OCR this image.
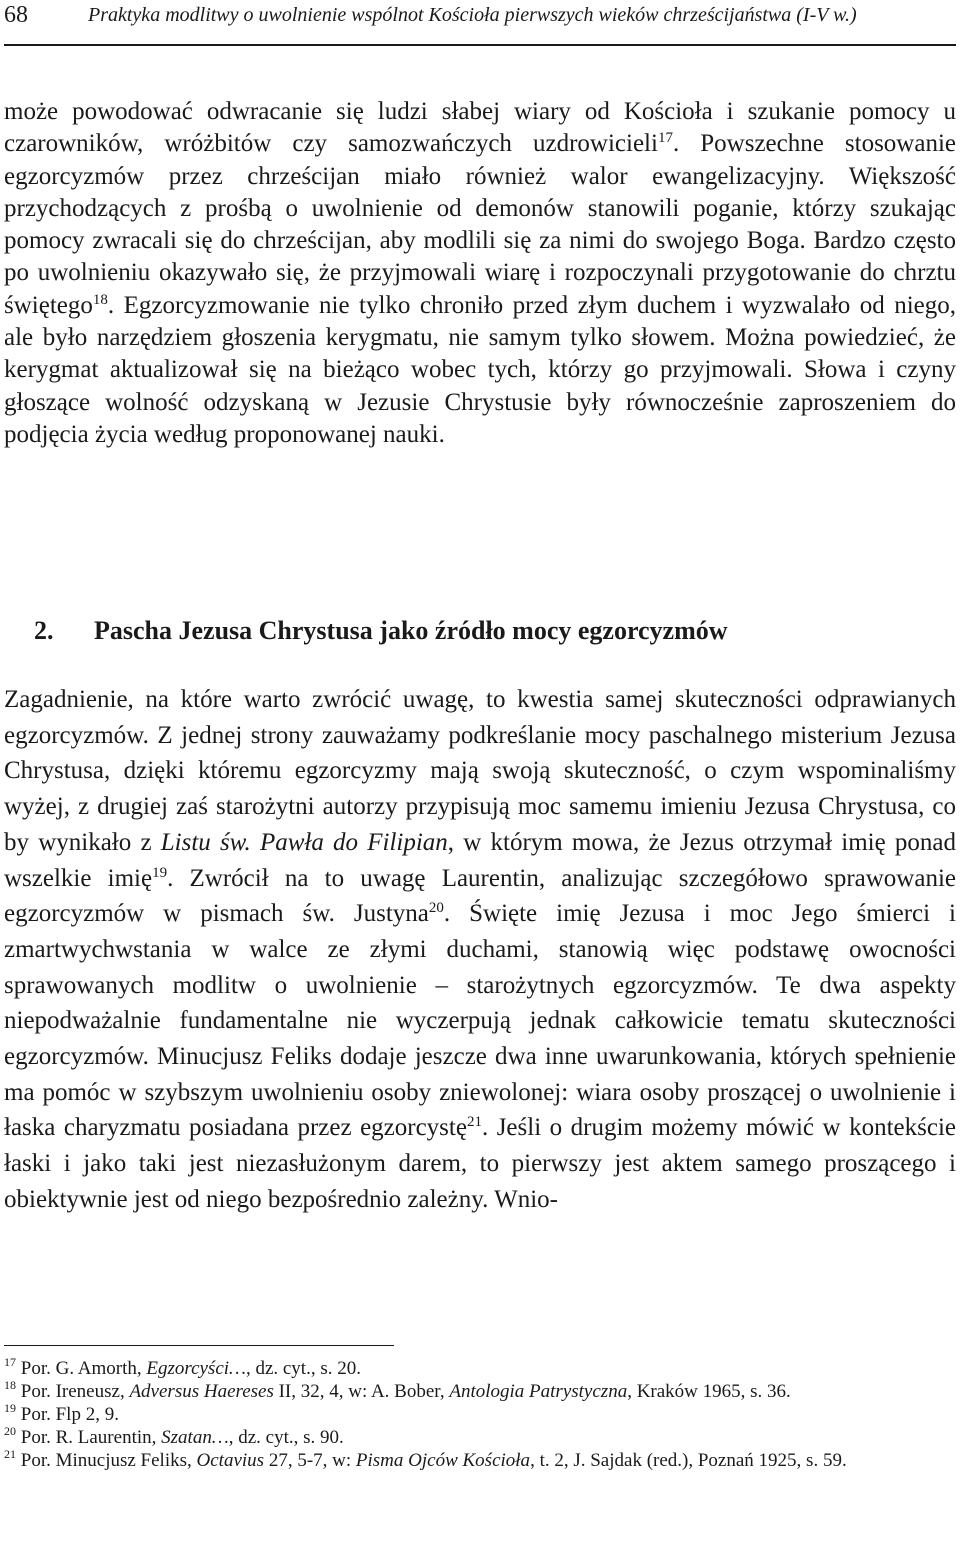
68	Praktyka modlitwy o uwolnienie wspólnot Kościoła pierwszych wieków chrześcijaństwa (I-V w.)

może powodować odwracanie się ludzi słabej wiary od Kościoła i szukanie pomocy u czarowników, wróżbitów czy samozwańczych uzdrowicieli$^{17}$. Powszechne stosowanie egzorcyzmów przez chrześcijan miało również walor ewangelizacyjny. Większość przychodzących z prośbą o uwolnienie od demonów stanowili poganie, którzy szukając pomocy zwracali się do chrześcijan, aby modlili się za nimi do swojego Boga. Bardzo często po uwolnieniu okazywało się, że przyjmowali wiarę i rozpoczynali przygotowanie do chrztu świętego$^{18}$. Egzorcyzmowanie nie tylko chroniło przed złym duchem i wyzwalało od niego, ale było narzędziem głoszenia kerygmatu, nie samym tylko słowem. Można powiedzieć, że kerygmat aktualizował się na bieżąco wobec tych, którzy go przyjmowali. Słowa i czyny głoszące wolność odzyskaną w Jezusie Chrystusie były równocześnie zaproszeniem do podjęcia życia według proponowanej nauki.

2. Pascha Jezusa Chrystusa jako źródło mocy egzorcyzmów

Zagadnienie, na które warto zwrócić uwagę, to kwestia samej skuteczności odprawianych egzorcyzmów. Z jednej strony zauważamy podkreślanie mocy paschalnego misterium Jezusa Chrystusa, dzięki któremu egzorcyzmy mają swoją skuteczność, o czym wspominaliśmy wyżej, z drugiej zaś starożytni autorzy przypisują moc samemu imieniu Jezusa Chrystusa, co by wynikało z Listu św. Pawła do Filipian, w którym mowa, że Jezus otrzymał imię ponad wszelkie imię$^{19}$. Zwrócił na to uwagę Laurentin, analizując szczegółowo sprawowanie egzorcyzmów w pismach św. Justyna$^{20}$. Święte imię Jezusa i moc Jego śmierci i zmartwychwstania w walce ze złymi duchami, stanowią więc podstawę owocności sprawowanych modlitw o uwolnienie – starożytnych egzorcyzmów. Te dwa aspekty niepodważalnie fundamentalne nie wyczerpują jednak całkowicie tematu skuteczności egzorcyzmów. Minucjusz Feliks dodaje jeszcze dwa inne uwarunkowania, których spełnienie ma pomóc w szybszym uwolnieniu osoby zniewolonej: wiara osoby proszącej o uwolnienie i łaska charyzmatu posiadana przez egzorcystę$^{21}$. Jeśli o drugim możemy mówić w kontekście łaski i jako taki jest niezasłużonym darem, to pierwszy jest aktem samego proszącego i obiektywnie jest od niego bezpośrednio zależny. Wnio-

$^{17}$ Por. G. Amorth, Egzorcyści…, dz. cyt., s. 20.

$^{18}$ Por. Ireneusz, Adversus Haereses II, 32, 4, w: A. Bober, Antologia Patrystyczna, Kraków 1965, s. 36.

$^{19}$ Por. Flp 2, 9.

$^{20}$ Por. R. Laurentin, Szatan…, dz. cyt., s. 90.

$^{21}$ Por. Minucjusz Feliks, Octavius 27, 5-7, w: Pisma Ojców Kościoła, t. 2, J. Sajdak (red.), Poznań 1925, s. 59.
